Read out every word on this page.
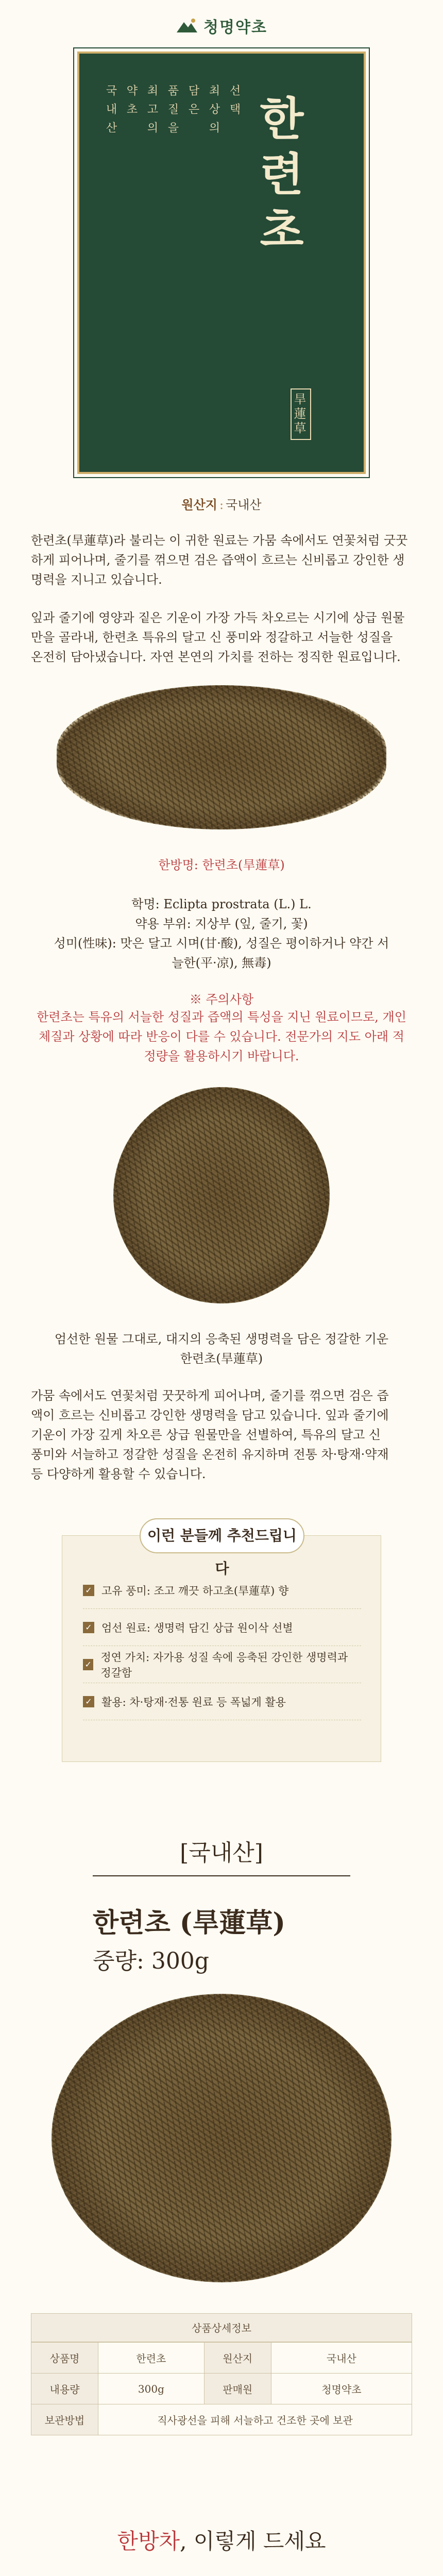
청명약초
국내산 약초 최고의 품질을 담은 최상의 선택 한련초
旱蓮草
원산지 : 국내산
한련초(旱蓮草)라 불리는 이 귀한 원료는 가뭄 속에서도 연꽃처럼 굿꿋
하게 피어나며, 줄기를 꺾으면 검은 즙액이 흐르는 신비롭고 강인한 생
명력을 지니고 있습니다.
잎과 줄기에 영양과 짙은 기운이 가장 가득 차오르는 시기에 상급 원물
만을 골라내, 한련초 특유의 달고 신 풍미와 정갈하고 서늘한 성질을
온전히 담아냈습니다. 자연 본연의 가치를 전하는 정직한 원료입니다.
한방명: 한련초(旱蓮草)
학명: Eclipta prostrata (L.) L.
약용 부위: 지상부 (잎, 줄기, 꽃)
성미(性味): 맛은 달고 시며(甘·酸), 성질은 평이하거나 약간 서
늘한(平·凉), 無毒)
※ 주의사항
한련초는 특유의 서늘한 성질과 즙액의 특성을 지닌 원료이므로, 개인
체질과 상황에 따라 반응이 다를 수 있습니다. 전문가의 지도 아래 적
정량을 활용하시기 바랍니다.
엄선한 원물 그대로, 대지의 응축된 생명력을 담은 정갈한 기운
한련초(旱蓮草)
가뭄 속에서도 연꽃처럼 꿋꿋하게 피어나며, 줄기를 꺾으면 검은 즙
액이 흐르는 신비롭고 강인한 생명력을 담고 있습니다. 잎과 줄기에
기운이 가장 깊게 차오른 상급 원물만을 선별하여, 특유의 달고 신
풍미와 서늘하고 정갈한 성질을 온전히 유지하며 전통 차·탕재·약재
등 다양하게 활용할 수 있습니다.
이런 분들께 추천드립니다
✓ 고유 풍미: 조고 깨끗 하고초(旱蓮草) 향
✓ 엄선 원료: 생명력 담긴 상급 원이삭 선별
✓
정연 가치: 자가용 성질 속에 응축된 강인한 생명력과 정갈함
✓ 활용: 차·탕재·전통 원료 등 폭넓게 활용
[국내산]
한련초 (旱蓮草)
중량: 300g
상품상세정보
상품명	한련초	원산지	국내산
내용량	300g	판매원	청명약초
보관방법	직사광선을 피해 서늘하고 건조한 곳에 보관		
한방차, 이렇게 드세요
